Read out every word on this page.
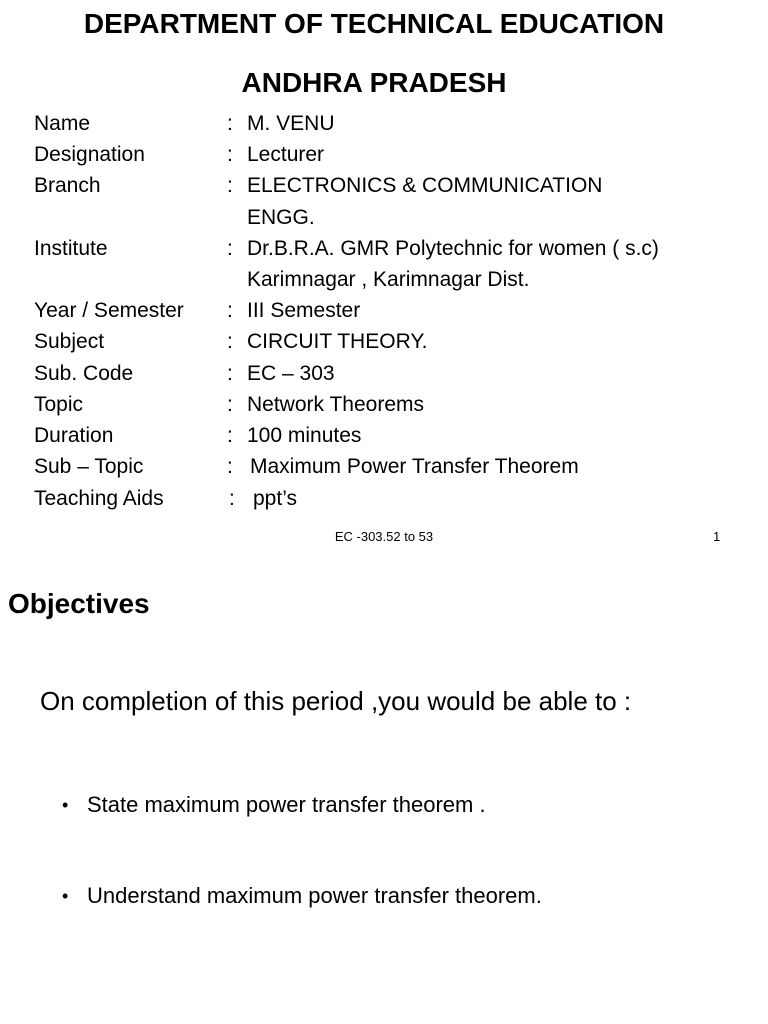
DEPARTMENT OF TECHNICAL EDUCATION
ANDHRA PRADESH
Name	: M. VENU
Designation	: Lecturer
Branch	: ELECTRONICS & COMMUNICATION
ENGG.
Institute	: Dr.B.R.A. GMR Polytechnic for women ( s.c)
Karimnagar , Karimnagar Dist.
Year / Semester : III Semester
Subject	: CIRCUIT THEORY.
Sub. Code	: EC – 303
Topic	: Network Theorems
Duration	: 100 minutes
Sub – Topic	: Maximum Power Transfer Theorem
Teaching Aids	: ppt’s
EC -303.52 to 53	1
Objectives
On completion of this period ,you would be able to :
• State maximum power transfer theorem .
• Understand maximum power transfer theorem.
